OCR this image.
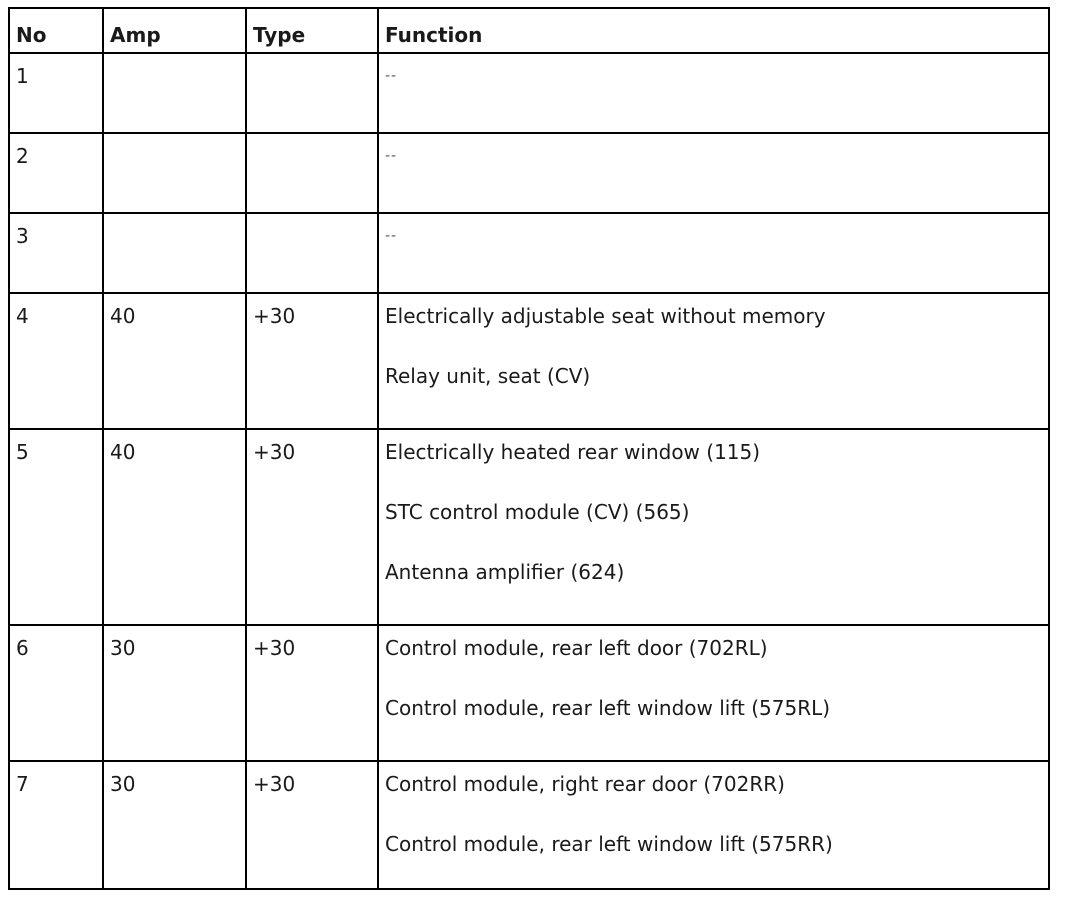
No	Amp	Type	Function
1			--

2			--

3			--

4	40	+30	Electrically adjustable seat without memory
Relay unit, seat (CV)

5	40	+30	Electrically heated rear window (115)
STC control module (CV) (565)
Antenna amplifier (624)

6	30	+30	Control module, rear left door (702RL)
Control module, rear left window lift (575RL)

7	30	+30	Control module, right rear door (702RR)
Control module, rear left window lift (575RR)
